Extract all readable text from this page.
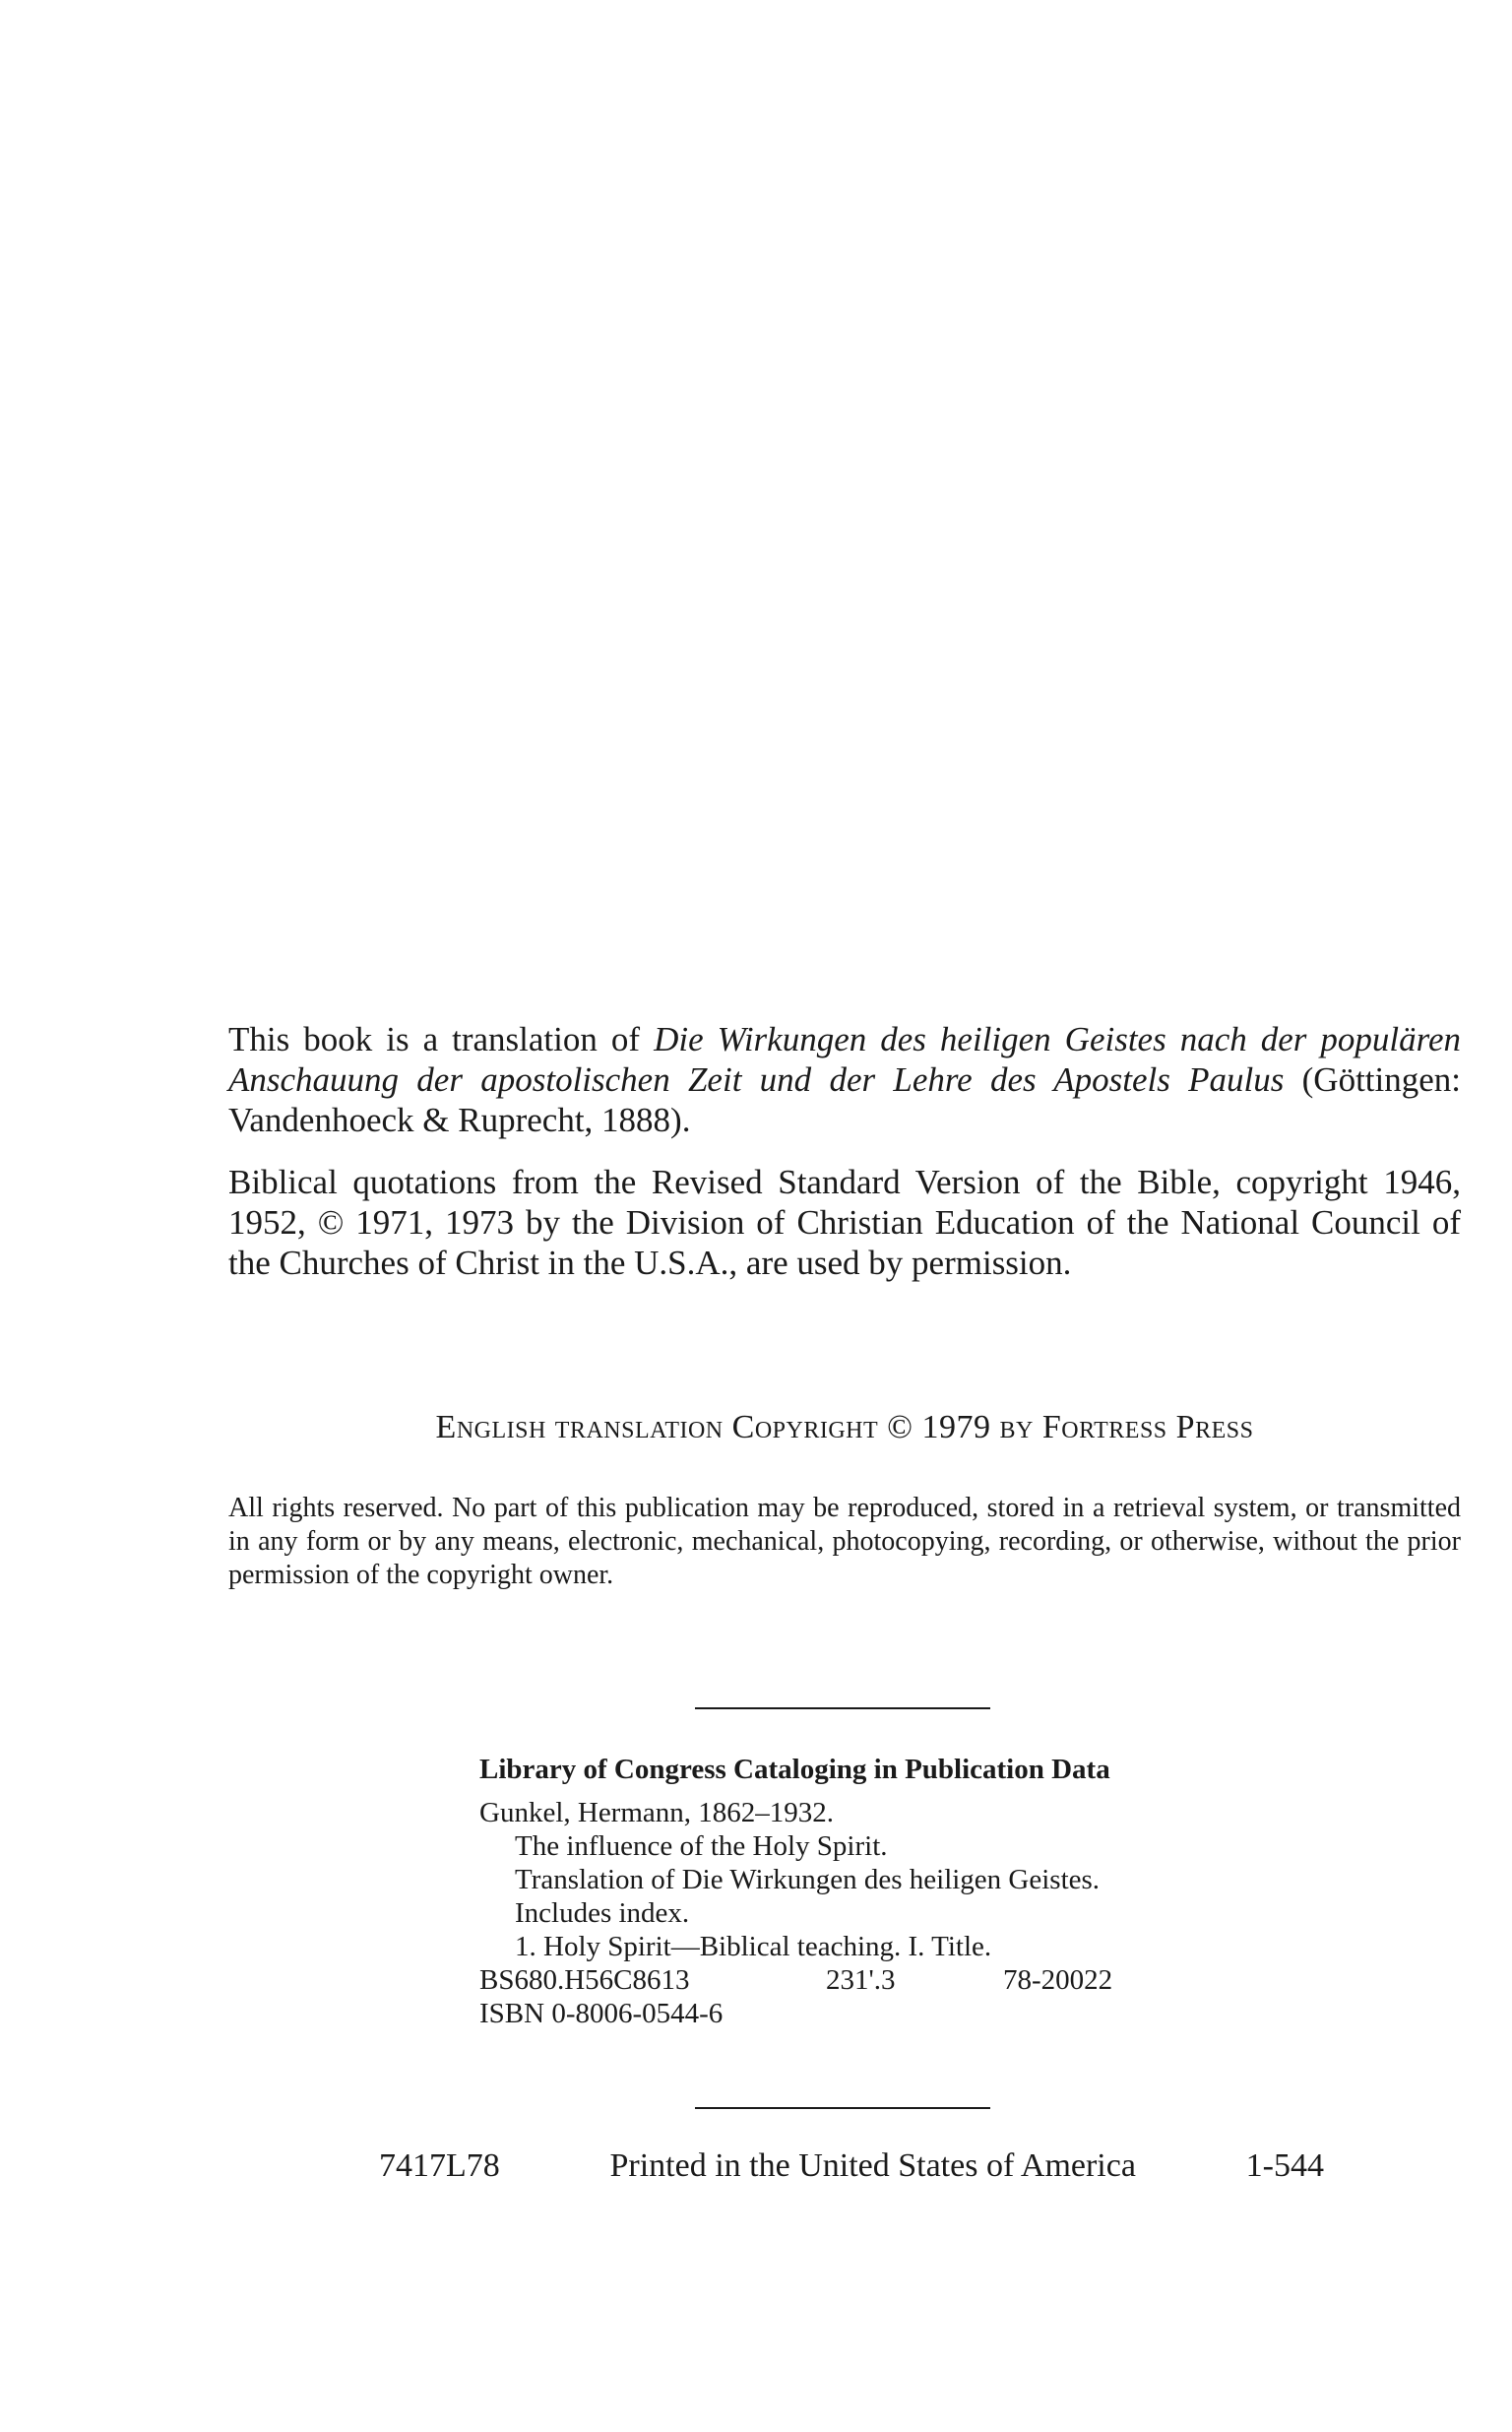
This book is a translation of Die Wirkungen des heiligen Geistes nach der populären Anschauung der apostolischen Zeit und der Lehre des Apostels Paulus (Göttingen: Vandenhoeck & Ruprecht, 1888).

Biblical quotations from the Revised Standard Version of the Bible, copyright 1946, 1952, © 1971, 1973 by the Division of Christian Education of the National Council of the Churches of Christ in the U.S.A., are used by permission.

English translation Copyright © 1979 by Fortress Press
All rights reserved. No part of this publication may be reproduced, stored in a retrieval system, or transmitted in any form or by any means, electronic, mechanical, photocopying, recording, or otherwise, without the prior permission of the copyright owner.
Library of Congress Cataloging in Publication Data
Gunkel, Hermann, 1862–1932.
The influence of the Holy Spirit.
Translation of Die Wirkungen des heiligen Geistes.
Includes index.
1. Holy Spirit—Biblical teaching. I. Title.
BS680.H56C8613	231'.3	78-20022
ISBN 0-8006-0544-6
7417L78	Printed in the United States of America	1-544
